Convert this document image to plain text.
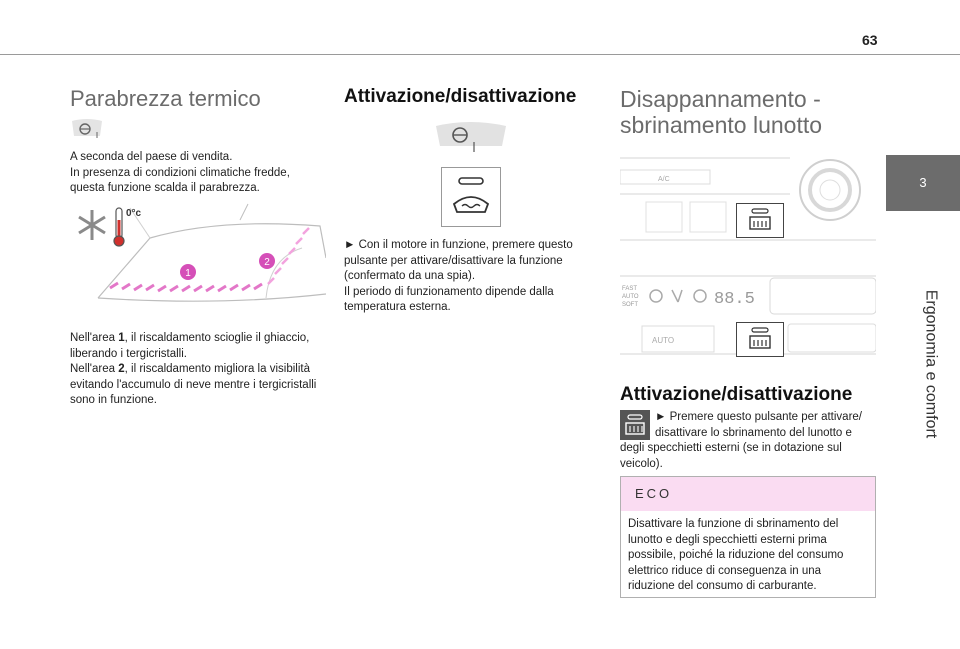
63
3
Ergonomia e comfort
Parabrezza termico
A seconda del paese di vendita.
In presenza di condizioni climatiche fredde,
questa funzione scalda il parabrezza.
0°c
1
2
Nell'area 1, il riscaldamento scioglie il ghiaccio,
liberando i tergicristalli.
Nell'area 2, il riscaldamento migliora la visibilità
evitando l'accumulo di neve mentre i tergicristalli
sono in funzione.
Attivazione/disattivazione
► Con il motore in funzione, premere questo
pulsante per attivare/disattivare la funzione
(confermato da una spia).
Il periodo di funzionamento dipende dalla
temperatura esterna.
Disappannamento -
sbrinamento lunotto
A/C
FAST
AUTO
SOFT	88.5
AUTO
Attivazione/disattivazione
► Premere questo pulsante per attivare/
disattivare lo sbrinamento del lunotto e
degli specchietti esterni (se in dotazione sul
veicolo).
ECO
Disattivare la funzione di sbrinamento del
lunotto e degli specchietti esterni prima
possibile, poiché la riduzione del consumo
elettrico riduce di conseguenza in una
riduzione del consumo di carburante.
